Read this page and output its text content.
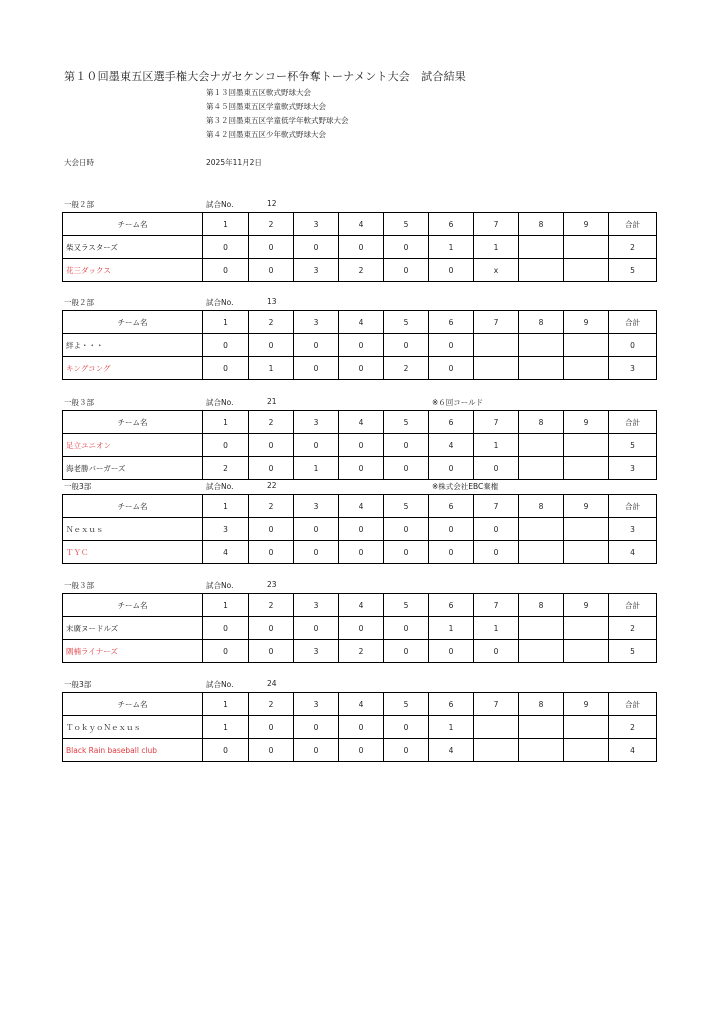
第１０回墨東五区選手権大会ナガセケンコー杯争奪トーナメント大会　試合結果
第１３回墨東五区軟式野球大会
第４５回墨東五区学童軟式野球大会
第３２回墨東五区学童低学年軟式野球大会
第４２回墨東五区少年軟式野球大会
大会日時	2025年11月2日
一般２部	試合No.	12
チーム名	1	2	3	4	5	6	7	8	9	合計
柴又ラスターズ	0	0	0	0	0	1	1			2
花三ダックス	0	0	3	2	0	0	x			5
一般２部	試合No.	13
チーム名	1	2	3	4	5	6	7	8	9	合計
絆よ・・・	0	0	0	0	0	0				0
キングコング	0	1	0	0	2	0				3
一般３部	試合No.	21	※６回コールド
チーム名	1	2	3	4	5	6	7	8	9	合計
足立ユニオン	0	0	0	0	0	4	1			5
海老勝バーガーズ	2	0	1	0	0	0	0			3
一般3部	試合No.	22	※株式会社EBC棄権
チーム名	1	2	3	4	5	6	7	8	9	合計
Ｎｅｘｕｓ	3	0	0	0	0	0	0			3
ＴＹＣ	4	0	0	0	0	0	0			4
一般３部	試合No.	23
チーム名	1	2	3	4	5	6	7	8	9	合計
末廣ヌードルズ	0	0	0	0	0	1	1			2
隅楠ライナーズ	0	0	3	2	0	0	0			5
一般3部	試合No.	24
チーム名	1	2	3	4	5	6	7	8	9	合計
ＴｏｋｙｏＮｅｘｕｓ	1	0	0	0	0	1				2
Black Rain baseball club	0	0	0	0	0	4				4
